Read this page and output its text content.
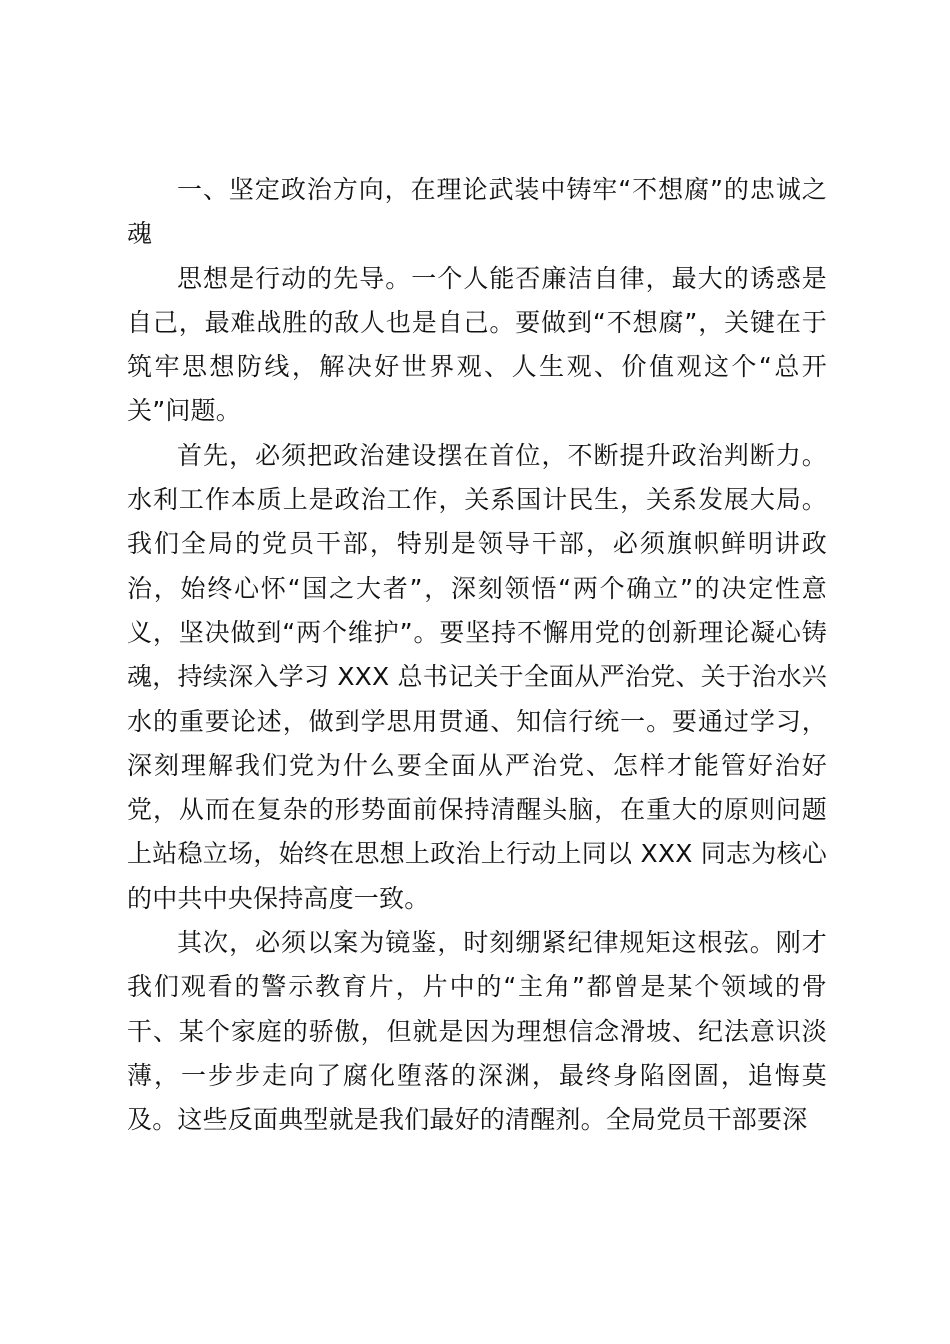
一、坚定政治方向，在理论武装中铸牢“不想腐”的忠诚之魂

思想是行动的先导。一个人能否廉洁自律，最大的诱惑是自己，最难战胜的敌人也是自己。要做到“不想腐”，关键在于筑牢思想防线，解决好世界观、人生观、价值观这个“总开关”问题。

首先，必须把政治建设摆在首位，不断提升政治判断力。水利工作本质上是政治工作，关系国计民生，关系发展大局。我们全局的党员干部，特别是领导干部，必须旗帜鲜明讲政治，始终心怀“国之大者”，深刻领悟“两个确立”的决定性意义，坚决做到“两个维护”。要坚持不懈用党的创新理论凝心铸魂，持续深入学习 XXX 总书记关于全面从严治党、关于治水兴水的重要论述，做到学思用贯通、知信行统一。要通过学习，深刻理解我们党为什么要全面从严治党、怎样才能管好治好党，从而在复杂的形势面前保持清醒头脑，在重大的原则问题上站稳立场，始终在思想上政治上行动上同以 XXX 同志为核心的中共中央保持高度一致。

其次，必须以案为镜鉴，时刻绷紧纪律规矩这根弦。刚才我们观看的警示教育片，片中的“主角”都曾是某个领域的骨干、某个家庭的骄傲，但就是因为理想信念滑坡、纪法意识淡薄，一步步走向了腐化堕落的深渊，最终身陷囹圄，追悔莫及。这些反面典型就是我们最好的清醒剂。全局党员干部要深
